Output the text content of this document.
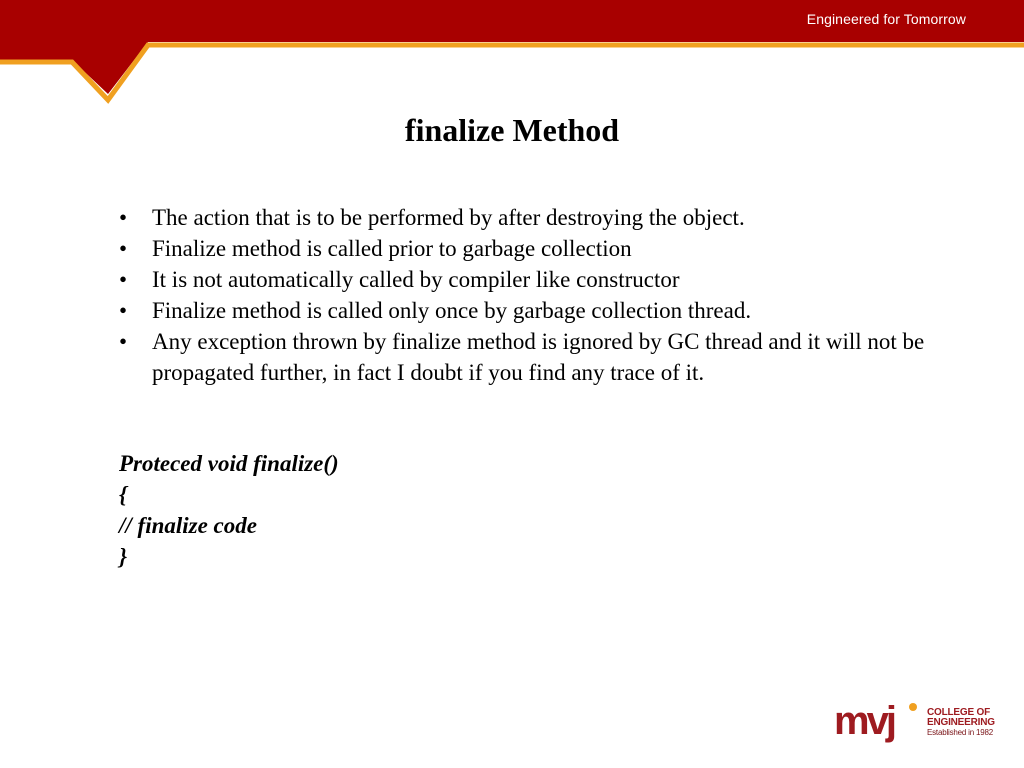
Engineered for Tomorrow
finalize Method
• The action that is to be performed by after destroying the object.
• Finalize method is called prior to garbage collection
• It is not automatically called by compiler like constructor
• Finalize method is called only once by garbage collection thread.
• Any exception thrown by finalize method is ignored by GC thread and it will not be propagated further, in fact I doubt if you find any trace of it.
Proteced void finalize()
{
// finalize code
}
mvj	COLLEGE OF
ENGINEERING
Established in 1982
